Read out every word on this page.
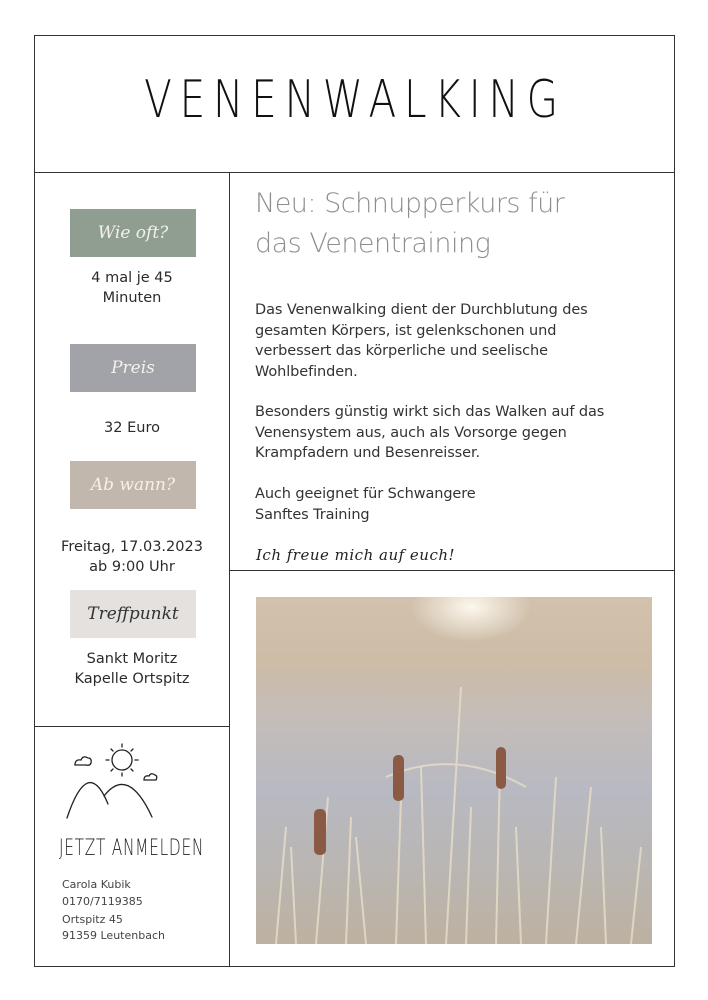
VENENWALKING
Wie oft?
4 mal je 45
Minuten
Preis
32 Euro
Ab wann?
Freitag, 17.03.2023
ab 9:00 Uhr
Treffpunkt
Sankt Moritz
Kapelle Ortspitz
JETZT ANMELDEN
Carola Kubik
0170/7119385
Ortspitz 45
91359 Leutenbach
Neu: Schnupperkurs für
das Venentraining
Das Venenwalking dient der Durchblutung des
gesamten Körpers, ist gelenkschonen und
verbessert das körperliche und seelische
Wohlbefinden.
Besonders günstig wirkt sich das Walken auf das
Venensystem aus, auch als Vorsorge gegen
Krampfadern und Besenreisser.
Auch geeignet für Schwangere
Sanftes Training
Ich freue mich auf euch!
